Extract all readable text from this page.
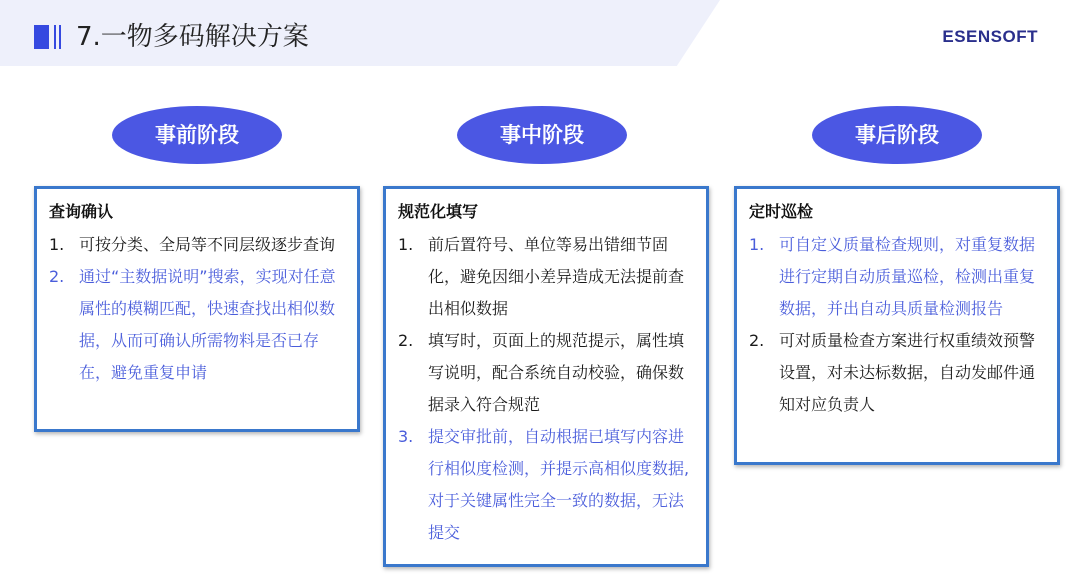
7.一物多码解决方案	ESENSOFT
事前阶段
查询确认
1. 可按分类、全局等不同层级逐步查询
2. 通过“主数据说明”搜索，实现对任意属性的模糊匹配，快速查找出相似数据，从而可确认所需物料是否已存在，避免重复申请
事中阶段
规范化填写
1. 前后置符号、单位等易出错细节固化，避免因细小差异造成无法提前查出相似数据
2. 填写时，页面上的规范提示，属性填写说明，配合系统自动校验，确保数据录入符合规范
3. 提交审批前，自动根据已填写内容进行相似度检测，并提示高相似度数据,对于关键属性完全一致的数据，无法提交
事后阶段
定时巡检
1. 可自定义质量检查规则，对重复数据进行定期自动质量巡检，检测出重复数据，并出自动具质量检测报告
2. 可对质量检查方案进行权重绩效预警设置，对未达标数据，自动发邮件通知对应负责人
